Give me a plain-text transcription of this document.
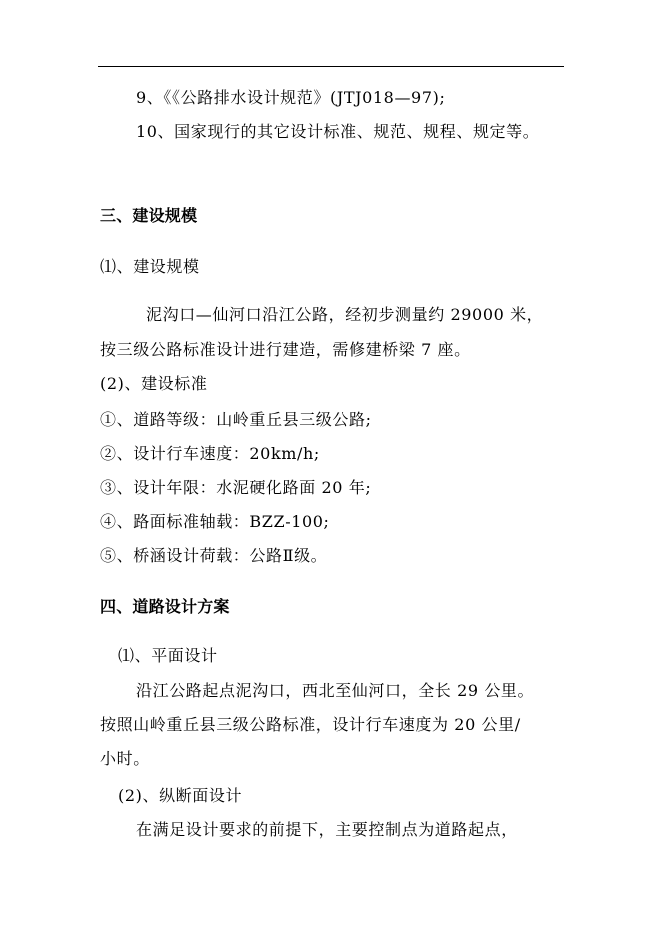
9、《《公路排水设计规范》(JTJ018—97);
10、国家现行的其它设计标准、规范、规程、规定等。
三、建设规模
⑴、建设规模
泥沟口—仙河口沿江公路，经初步测量约 29000 米，
按三级公路标准设计进行建造，需修建桥梁 7 座。
(2)、建设标准
①、道路等级：山岭重丘县三级公路;
②、设计行车速度：20km/h;
③、设计年限：水泥硬化路面 20 年;
④、路面标准轴载：BZZ-100;
⑤、桥涵设计荷载：公路Ⅱ级。
四、道路设计方案
⑴、平面设计
沿江公路起点泥沟口，西北至仙河口，全长 29 公里。
按照山岭重丘县三级公路标准，设计行车速度为 20 公里/
小时。
(2)、纵断面设计
在满足设计要求的前提下，主要控制点为道路起点，
